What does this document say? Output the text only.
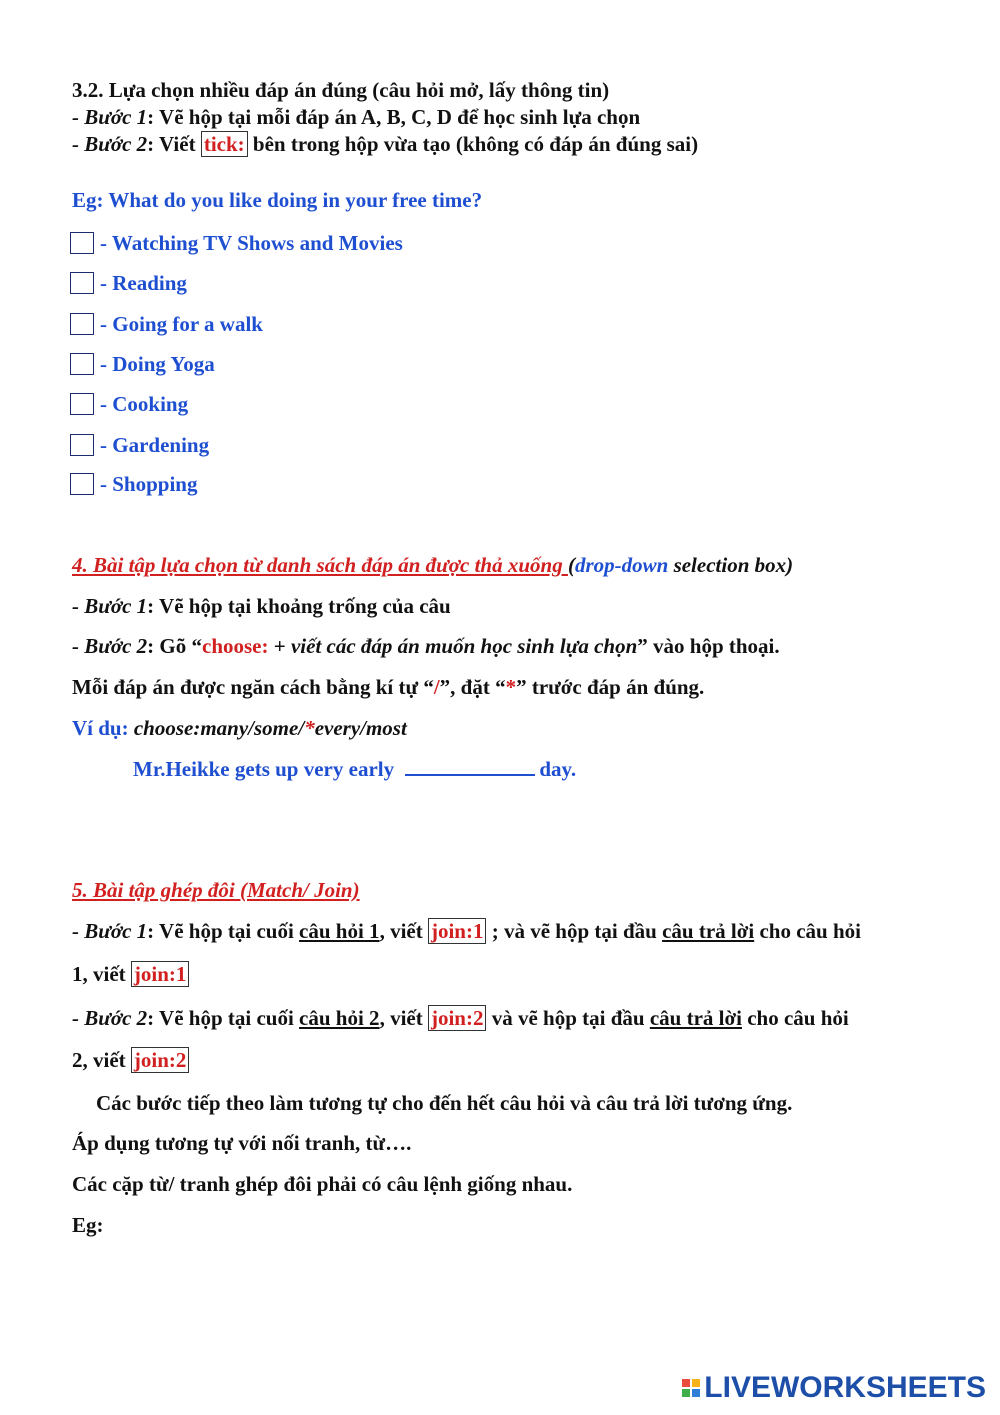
3.2. Lựa chọn nhiều đáp án đúng (câu hỏi mở, lấy thông tin)
- Bước 1: Vẽ hộp tại mỗi đáp án A, B, C, D để học sinh lựa chọn
- Bước 2: Viết tick: bên trong hộp vừa tạo (không có đáp án đúng sai)
Eg: What do you like doing in your free time?
- Watching TV Shows and Movies
- Reading
- Going for a walk
- Doing Yoga
- Cooking
- Gardening
- Shopping
4. Bài tập lựa chọn từ danh sách đáp án được thả xuống (drop-down selection box)
- Bước 1: Vẽ hộp tại khoảng trống của câu
- Bước 2: Gõ “choose: + viết các đáp án muốn học sinh lựa chọn” vào hộp thoại.
Mỗi đáp án được ngăn cách bằng kí tự “/”, đặt “*” trước đáp án đúng.
Ví dụ: choose:many/some/*every/most
Mr.Heikke gets up very early	day.
5. Bài tập ghép đôi (Match/ Join)
- Bước 1: Vẽ hộp tại cuối câu hỏi 1, viết join:1 ; và vẽ hộp tại đầu câu trả lời cho câu hỏi
1, viết join:1
- Bước 2: Vẽ hộp tại cuối câu hỏi 2, viết join:2 và vẽ hộp tại đầu câu trả lời cho câu hỏi
2, viết join:2
Các bước tiếp theo làm tương tự cho đến hết câu hỏi và câu trả lời tương ứng.
Áp dụng tương tự với nối tranh, từ….
Các cặp từ/ tranh ghép đôi phải có câu lệnh giống nhau.
Eg:
LIVEWORKSHEETS
